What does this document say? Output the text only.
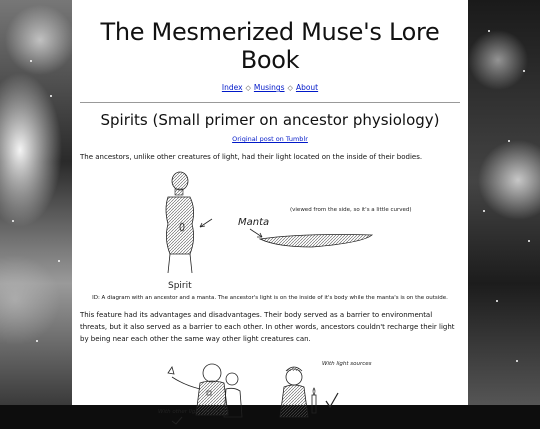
The Mesmerized Muse's Lore Book
Index ◇ Musings ◇ About
Spirits (Small primer on ancestor physiology)
Original post on Tumblr

The ancestors, unlike other creatures of light, had their light located on the inside of their bodies.

Spirit
Manta
(viewed from the side, so it's a little curved)
ID: A diagram with an ancestor and a manta. The ancestor's light is on the inside of it's body while the manta's is on the outside.

This feature had its advantages and disadvantages. Their body served as a barrier to environmental threats, but it also served as a barrier to each other. In other words, ancestors couldn't recharge their light by being near each other the same way other light creatures can.

With other light creatures
With light sources
